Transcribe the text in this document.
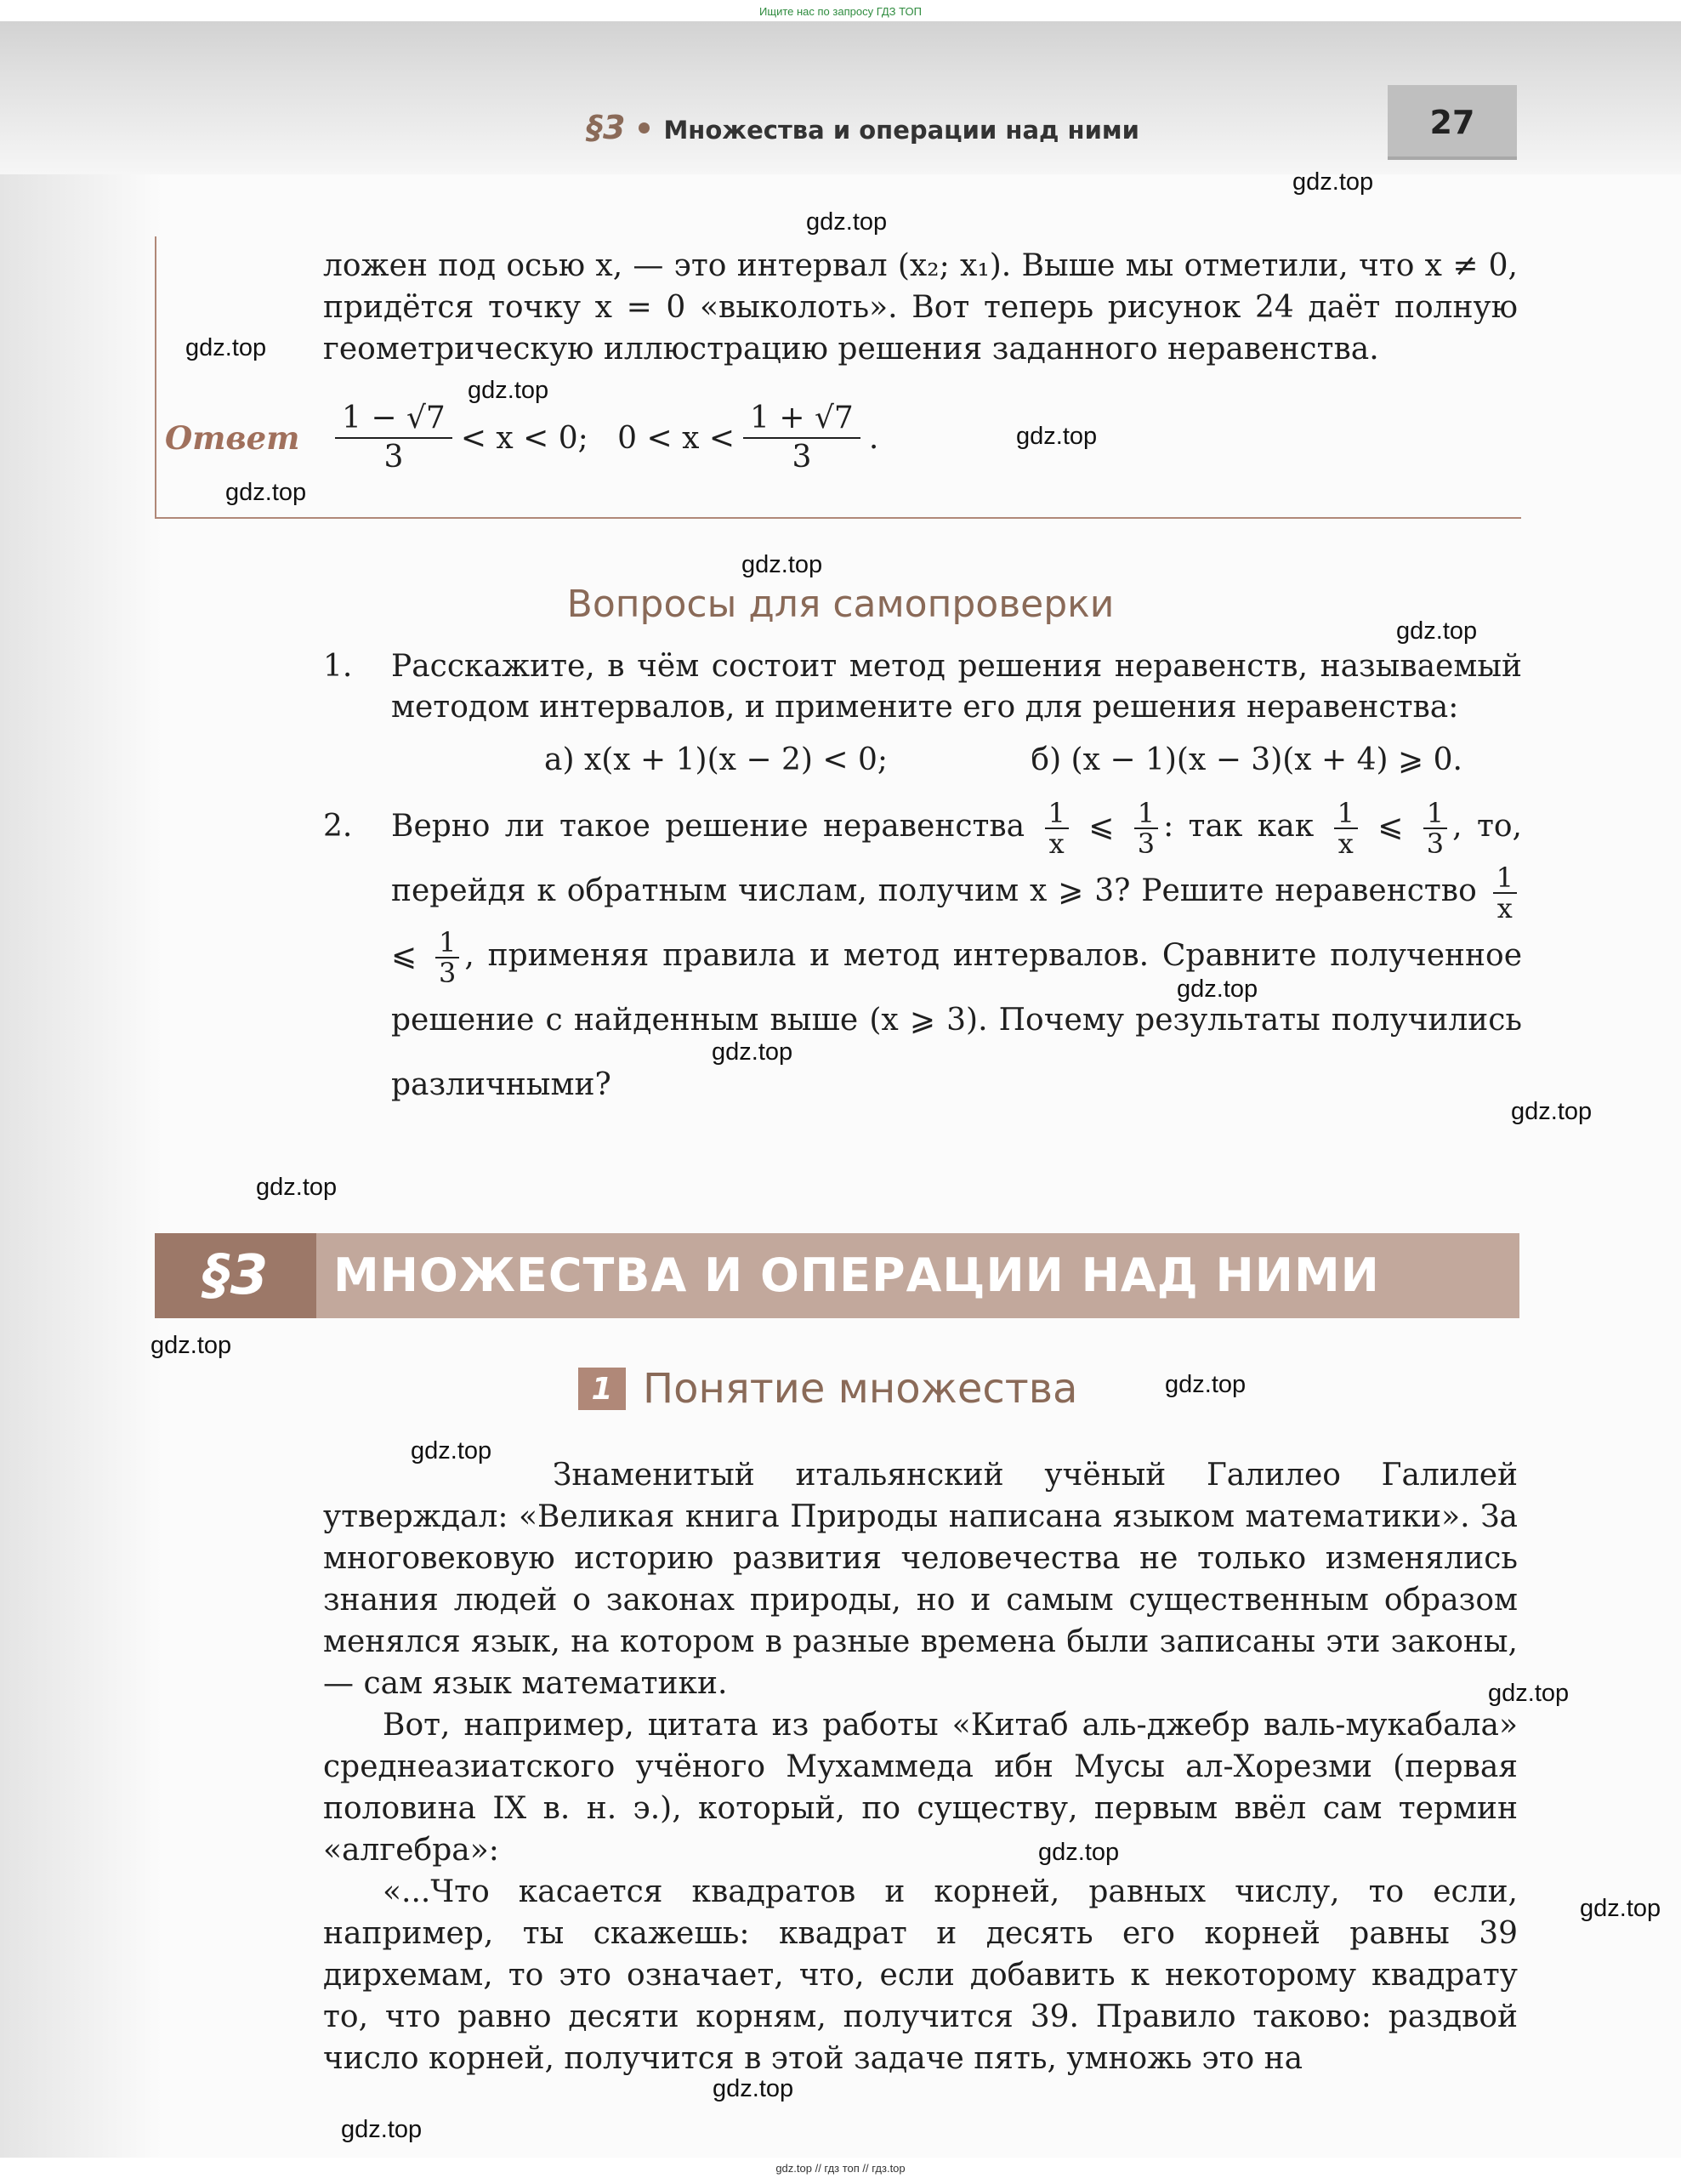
Ищите нас по запросу ГДЗ ТОП
§3 Множества и операции над ними	27

ложен под осью x, — это интервал (x₂; x₁). Выше мы отметили, что x ≠ 0, придётся точку x = 0 «выколоть». Вот теперь рисунок 24 даёт полную геометрическую иллюстрацию решения заданного неравенства.

Ответ	$\frac{1 - √7}{3} < x < 0$;   $0 < x < \frac{1 + √7}{3}$ .
Вопросы для самопроверки
1. Расскажите, в чём состоит метод решения неравенств, называемый методом интервалов, и примените его для решения неравенства:
а) x(x + 1)(x − 2) < 0;	б) (x − 1)(x − 3)(x + 4) ⩾ 0.
2. Верно ли такое решение неравенства $\frac{1}{x}$ ⩽ $\frac{1}{3}$ : так как $\frac{1}{x}$ ⩽ $\frac{1}{3}$ , то, перейдя к обратным числам, получим x ⩾ 3? Решите неравенство $\frac{1}{x}$
⩽ $\frac{1}{3}$ , применяя правила и метод интервалов. Сравните полученное решение с найденным выше (x ⩾ 3). Почему результаты получились различными?
§3	МНОЖЕСТВА И ОПЕРАЦИИ НАД НИМИ
1 Понятие множества

Знаменитый итальянский учёный Галилео Галилей утверждал: «Великая книга Природы написана языком математики». За многовековую историю развития человечества не только изменялись знания людей о законах природы, но и самым существенным образом менялся язык, на котором в разные времена были записаны эти законы, — сам язык математики.

Вот, например, цитата из работы «Китаб аль-джебр валь-мукабала» среднеазиатского учёного Мухаммеда ибн Мусы ал-Хорезми (первая половина IX в. н. э.), который, по существу, первым ввёл сам термин «алгебра»:

«...Что касается квадратов и корней, равных числу, то если, например, ты скажешь: квадрат и десять его корней равны 39 дирхемам, то это означает, что, если добавить к некоторому квадрату то, что равно десяти корням, получится 39. Правило таково: раздвой число корней, получится в этой задаче пять, умножь это на

gdz.top
gdz.top
gdz.top
gdz.top
gdz.top
gdz.top
gdz.top
gdz.top
gdz.top
gdz.top
gdz.top
gdz.top
gdz.top
gdz.top
gdz.top
gdz.top
gdz.top
gdz.top
gdz.top
gdz.top
gdz.top // гдз топ // гдз.top
